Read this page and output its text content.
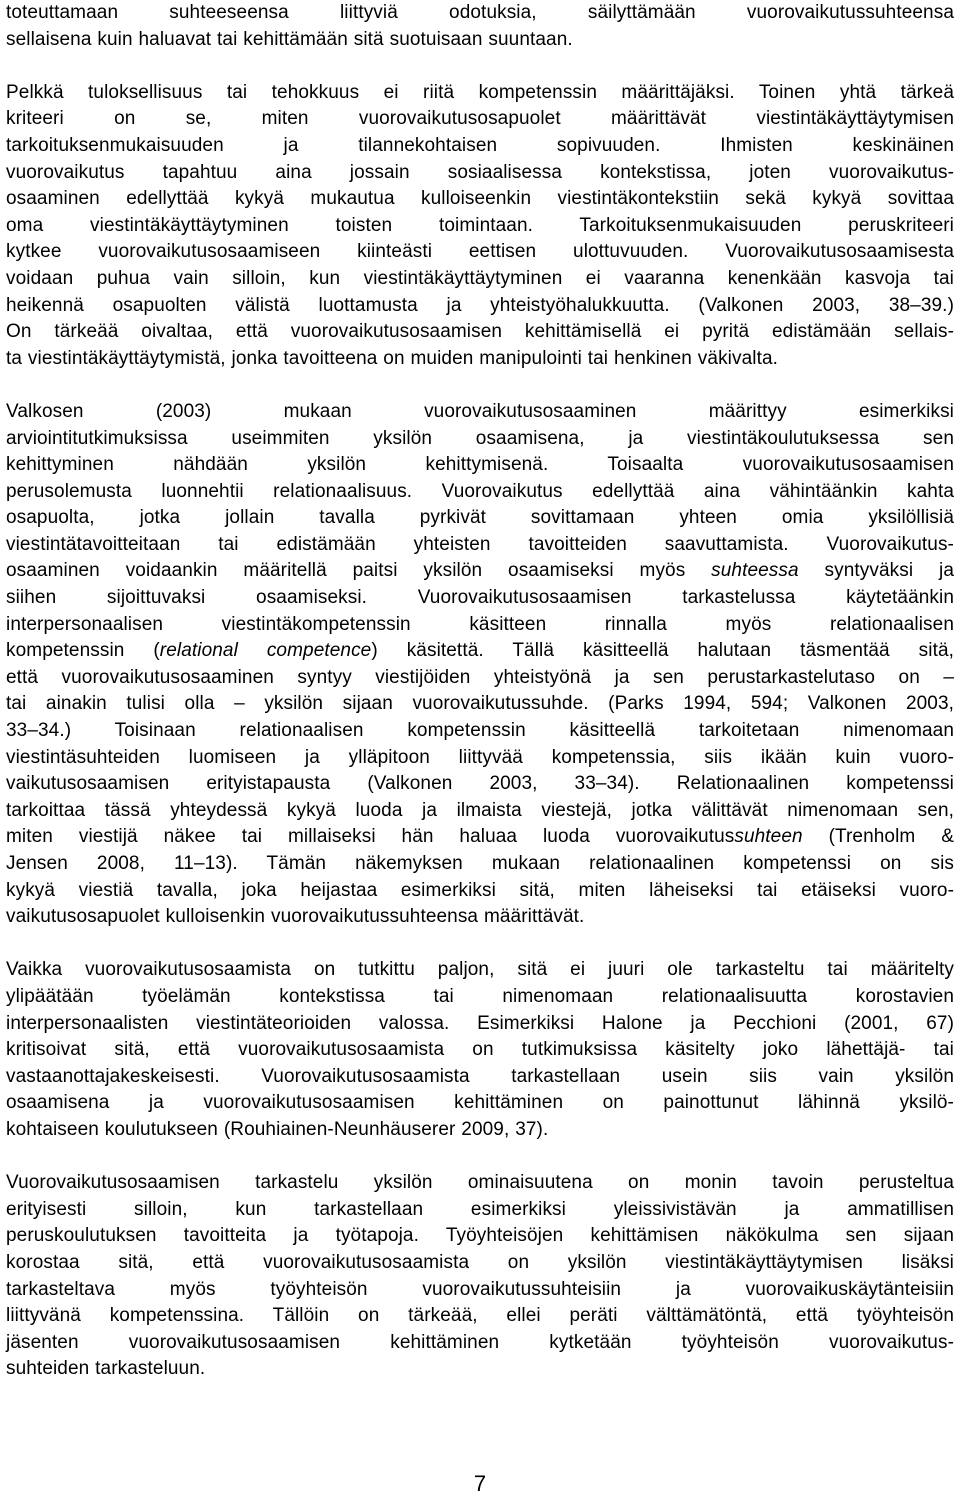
toteuttamaan suhteeseensa liittyviä odotuksia, säilyttämään vuorovaikutussuhteensa
sellaisena kuin haluavat tai kehittämään sitä suotuisaan suuntaan.
Pelkkä tuloksellisuus tai tehokkuus ei riitä kompetenssin määrittäjäksi. Toinen yhtä tärkeä
kriteeri on se, miten vuorovaikutusosapuolet määrittävät viestintäkäyttäytymisen
tarkoituksenmukaisuuden ja tilannekohtaisen sopivuuden. Ihmisten keskinäinen
vuorovaikutus tapahtuu aina jossain sosiaalisessa kontekstissa, joten vuorovaikutus-
osaaminen edellyttää kykyä mukautua kulloiseenkin viestintäkontekstiin sekä kykyä sovittaa
oma viestintäkäyttäytyminen toisten toimintaan. Tarkoituksenmukaisuuden peruskriteeri
kytkee vuorovaikutusosaamiseen kiinteästi eettisen ulottuvuuden. Vuorovaikutusosaamisesta
voidaan puhua vain silloin, kun viestintäkäyttäytyminen ei vaaranna kenenkään kasvoja tai
heikennä osapuolten välistä luottamusta ja yhteistyöhalukkuutta. (Valkonen 2003, 38–39.)
On tärkeää oivaltaa, että vuorovaikutusosaamisen kehittämisellä ei pyritä edistämään sellais-
ta viestintäkäyttäytymistä, jonka tavoitteena on muiden manipulointi tai henkinen väkivalta.
Valkosen (2003) mukaan vuorovaikutusosaaminen määrittyy esimerkiksi
arviointitutkimuksissa useimmiten yksilön osaamisena, ja viestintäkoulutuksessa sen
kehittyminen nähdään yksilön kehittymisenä. Toisaalta vuorovaikutusosaamisen
perusolemusta luonnehtii relationaalisuus. Vuorovaikutus edellyttää aina vähintäänkin kahta
osapuolta, jotka jollain tavalla pyrkivät sovittamaan yhteen omia yksilöllisiä
viestintätavoitteitaan tai edistämään yhteisten tavoitteiden saavuttamista. Vuorovaikutus-
osaaminen voidaankin määritellä paitsi yksilön osaamiseksi myös suhteessa syntyväksi ja
siihen sijoittuvaksi osaamiseksi. Vuorovaikutusosaamisen tarkastelussa käytetäänkin
interpersonaalisen viestintäkompetenssin käsitteen rinnalla myös relationaalisen
kompetenssin (relational competence) käsitettä. Tällä käsitteellä halutaan täsmentää sitä,
että vuorovaikutusosaaminen syntyy viestijöiden yhteistyönä ja sen perustarkastelutaso on –
tai ainakin tulisi olla – yksilön sijaan vuorovaikutussuhde. (Parks 1994, 594; Valkonen 2003,
33–34.) Toisinaan relationaalisen kompetenssin käsitteellä tarkoitetaan nimenomaan
viestintäsuhteiden luomiseen ja ylläpitoon liittyvää kompetenssia, siis ikään kuin vuoro-
vaikutusosaamisen erityistapausta (Valkonen 2003, 33–34). Relationaalinen kompetenssi
tarkoittaa tässä yhteydessä kykyä luoda ja ilmaista viestejä, jotka välittävät nimenomaan sen,
miten viestijä näkee tai millaiseksi hän haluaa luoda vuorovaikutussuhteen (Trenholm &
Jensen 2008, 11–13). Tämän näkemyksen mukaan relationaalinen kompetenssi on sis
kykyä viestiä tavalla, joka heijastaa esimerkiksi sitä, miten läheiseksi tai etäiseksi vuoro-
vaikutusosapuolet kulloisenkin vuorovaikutussuhteensa määrittävät.
Vaikka vuorovaikutusosaamista on tutkittu paljon, sitä ei juuri ole tarkasteltu tai määritelty
ylipäätään työelämän kontekstissa tai nimenomaan relationaalisuutta korostavien
interpersonaalisten viestintäteorioiden valossa. Esimerkiksi Halone ja Pecchioni (2001, 67)
kritisoivat sitä, että vuorovaikutusosaamista on tutkimuksissa käsitelty joko lähettäjä- tai
vastaanottajakeskeisesti. Vuorovaikutusosaamista tarkastellaan usein siis vain yksilön
osaamisena ja vuorovaikutusosaamisen kehittäminen on painottunut lähinnä yksilö-
kohtaiseen koulutukseen (Rouhiainen-Neunhäuserer 2009, 37).
Vuorovaikutusosaamisen tarkastelu yksilön ominaisuutena on monin tavoin perusteltua
erityisesti silloin, kun tarkastellaan esimerkiksi yleissivistävän ja ammatillisen
peruskoulutuksen tavoitteita ja työtapoja. Työyhteisöjen kehittämisen näkökulma sen sijaan
korostaa sitä, että vuorovaikutusosaamista on yksilön viestintäkäyttäytymisen lisäksi
tarkasteltava myös työyhteisön vuorovaikutussuhteisiin ja vuorovaikuskäytänteisiin
liittyvänä kompetenssina. Tällöin on tärkeää, ellei peräti välttämätöntä, että työyhteisön
jäsenten vuorovaikutusosaamisen kehittäminen kytketään työyhteisön vuorovaikutus-
suhteiden tarkasteluun.
7
